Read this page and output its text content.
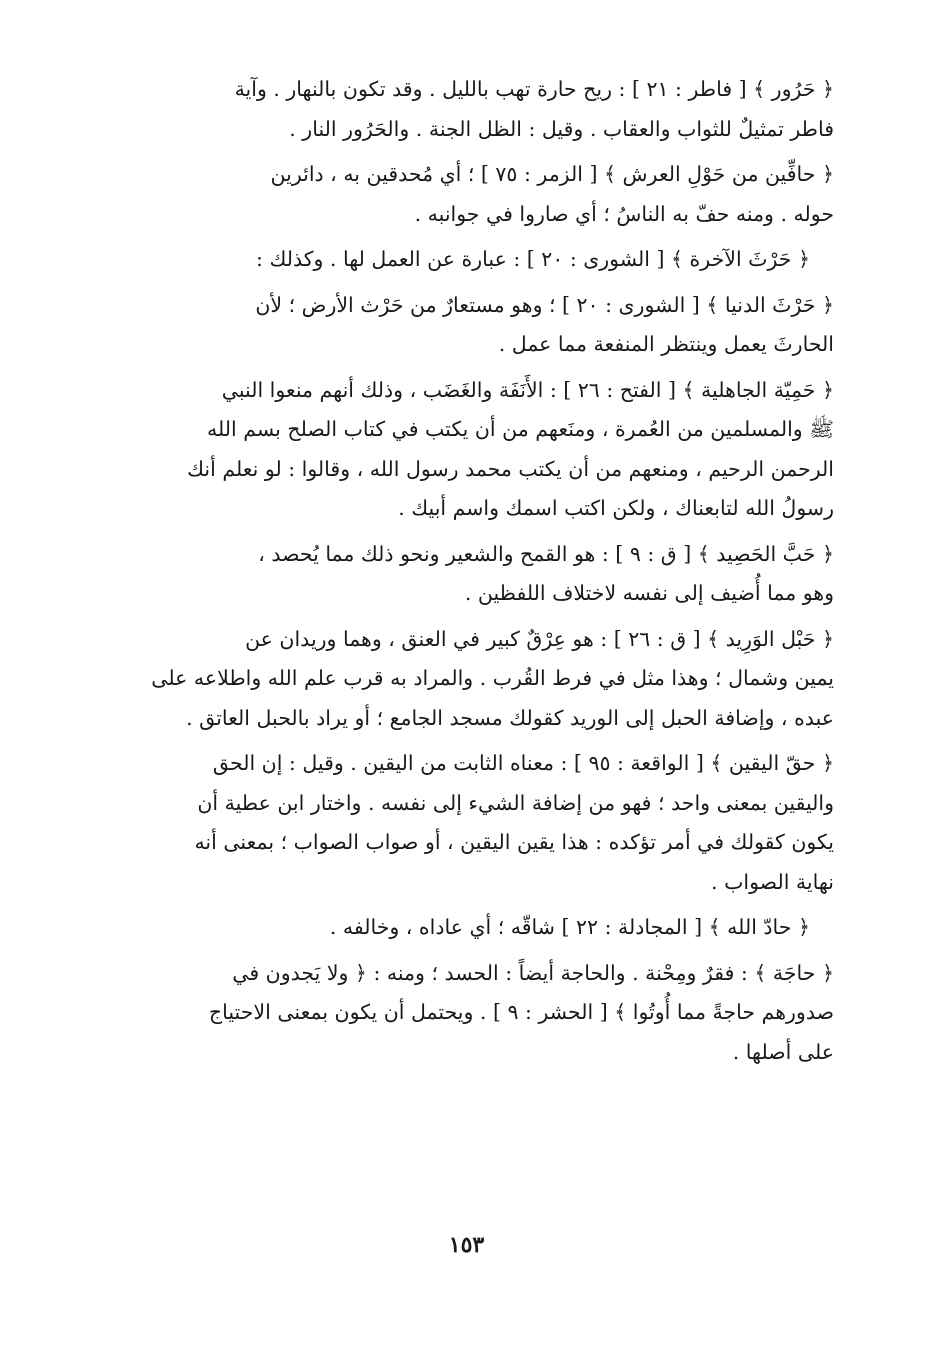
﴿ حَرُور ﴾ [ فاطر : ٢١ ] : ريح حارة تهب بالليل . وقد تكون بالنهار . وآية

فاطر تمثيلٌ للثواب والعقاب . وقيل : الظل الجنة . والحَرُور النار .

﴿ حافِّين من حَوْلِ العرش ﴾ [ الزمر : ٧٥ ] ؛ أي مُحدقين به ، دائرين

حوله . ومنه حفّ به الناسُ ؛ أي صاروا في جوانبه .

﴿ حَرْثَ الآخرة ﴾ [ الشورى : ٢٠ ] : عبارة عن العمل لها . وكذلك :

﴿ حَرْثَ الدنيا ﴾ [ الشورى : ٢٠ ] ؛ وهو مستعارٌ من حَرْث الأرض ؛ لأن

الحارثَ يعمل وينتظر المنفعة مما عمل .

﴿ حَمِيّة الجاهلية ﴾ [ الفتح : ٢٦ ] : الأَنَفَة والغَضَب ، وذلك أنهم منعوا النبي

ﷺ والمسلمين من العُمرة ، ومنَعهم من أن يكتب في كتاب الصلح بسم الله

الرحمن الرحيم ، ومنعهم من أن يكتب محمد رسول الله ، وقالوا : لو نعلم أنك

رسولُ الله لتابعناك ، ولكن اكتب اسمك واسم أبيك .

﴿ حَبَّ الحَصِيد ﴾ [ ق : ٩ ] : هو القمح والشعير ونحو ذلك مما يُحصد ،

وهو مما أُضيف إلى نفسه لاختلاف اللفظين .

﴿ حَبْل الوَرِيد ﴾ [ ق : ٢٦ ] : هو عِرْقٌ كبير في العنق ، وهما وريدان عن

يمين وشمال ؛ وهذا مثل في فرط القُرب . والمراد به قرب علم الله واطلاعه على

عبده ، وإضافة الحبل إلى الوريد كقولك مسجد الجامع ؛ أو يراد بالحبل العاتق .

﴿ حقّ اليقين ﴾ [ الواقعة : ٩٥ ] : معناه الثابت من اليقين . وقيل : إن الحق

واليقين بمعنى واحد ؛ فهو من إضافة الشيء إلى نفسه . واختار ابن عطية أن

يكون كقولك في أمر تؤكده : هذا يقين اليقين ، أو صواب الصواب ؛ بمعنى أنه

نهاية الصواب .

﴿ حادّ الله ﴾ [ المجادلة : ٢٢ ] شاقّه ؛ أي عاداه ، وخالفه .

﴿ حاجَة ﴾ : فقرٌ ومِحْنة . والحاجة أيضاً : الحسد ؛ ومنه : ﴿ ولا يَجدون في

صدورهم حاجةً مما أُوتُوا ﴾ [ الحشر : ٩ ] . ويحتمل أن يكون بمعنى الاحتياج

على أصلها .

١٥٣
